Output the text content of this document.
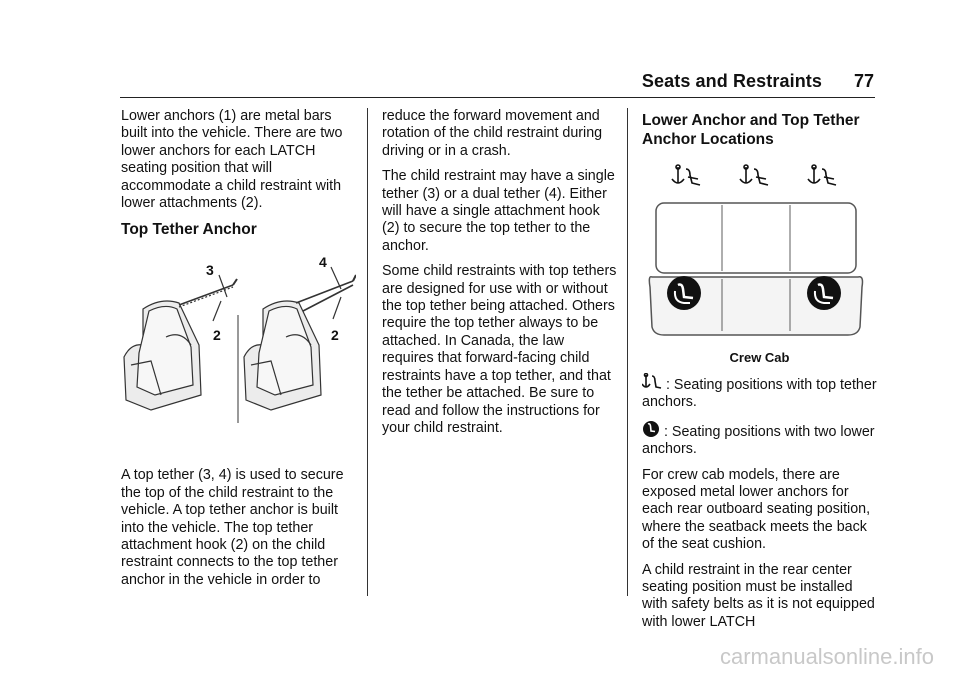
Seats and Restraints 77

Lower anchors (1) are metal bars built into the vehicle. There are two lower anchors for each LATCH seating position that will accommodate a child restraint with lower attachments (2).

Top Tether Anchor
3
2
4
2

A top tether (3, 4) is used to secure the top of the child restraint to the vehicle. A top tether anchor is built into the vehicle. The top tether attachment hook (2) on the child restraint connects to the top tether anchor in the vehicle in order to

reduce the forward movement and rotation of the child restraint during driving or in a crash.

The child restraint may have a single tether (3) or a dual tether (4). Either will have a single attachment hook (2) to secure the top tether to the anchor.

Some child restraints with top tethers are designed for use with or without the top tether being attached. Others require the top tether always to be attached. In Canada, the law requires that forward-facing child restraints have a top tether, and that the tether be attached. Be sure to read and follow the instructions for your child restraint.

Lower Anchor and Top Tether Anchor Locations
Crew Cab

: Seating positions with top tether anchors.

: Seating positions with two lower anchors.

For crew cab models, there are exposed metal lower anchors for each rear outboard seating position, where the seatback meets the back of the seat cushion.

A child restraint in the rear center seating position must be installed with safety belts as it is not equipped with lower LATCH

carmanualsonline.info
